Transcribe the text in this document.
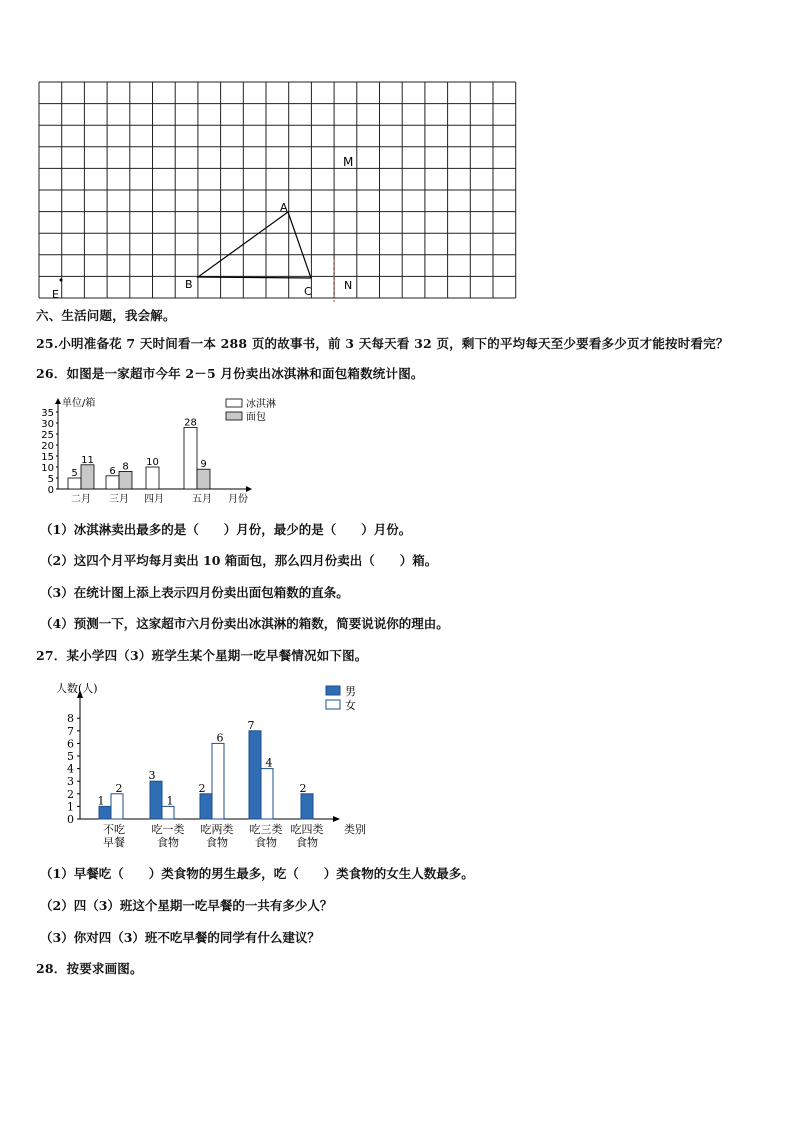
M
A
B
C	N
E
六、生活问题，我会解。
25.小明准备花 7 天时间看一本 288 页的故事书，前 3 天每天看 32 页，剩下的平均每天至少要看多少页才能按时看完？
26．如图是一家超市今年 2－5 月份卖出冰淇淋和面包箱数统计图。
单位/箱
0
5
10
15
20
25
30
35
5	6
10
28
11
8	9
二月 三月 四月	五月 月份
冰淇淋
面包
（1）冰淇淋卖出最多的是（　　）月份，最少的是（　　）月份。
（2）这四个月平均每月卖出 10 箱面包，那么四月份卖出（　　）箱。
（3）在统计图上添上表示四月份卖出面包箱数的直条。
（4）预测一下，这家超市六月份卖出冰淇淋的箱数，简要说说你的理由。
27．某小学四（3）班学生某个星期一吃早餐情况如下图。
人数(人)
0
1
2
3
4
5
6
7
8
1
3
2
7
2
2
1
6
4
不吃
早餐
吃一类
食物
吃两类
食物
吃三类
食物
吃四类
食物
类别
男
女
（1）早餐吃（　　）类食物的男生最多，吃（　　）类食物的女生人数最多。
（2）四（3）班这个星期一吃早餐的一共有多少人？
（3）你对四（3）班不吃早餐的同学有什么建议？
28．按要求画图。
